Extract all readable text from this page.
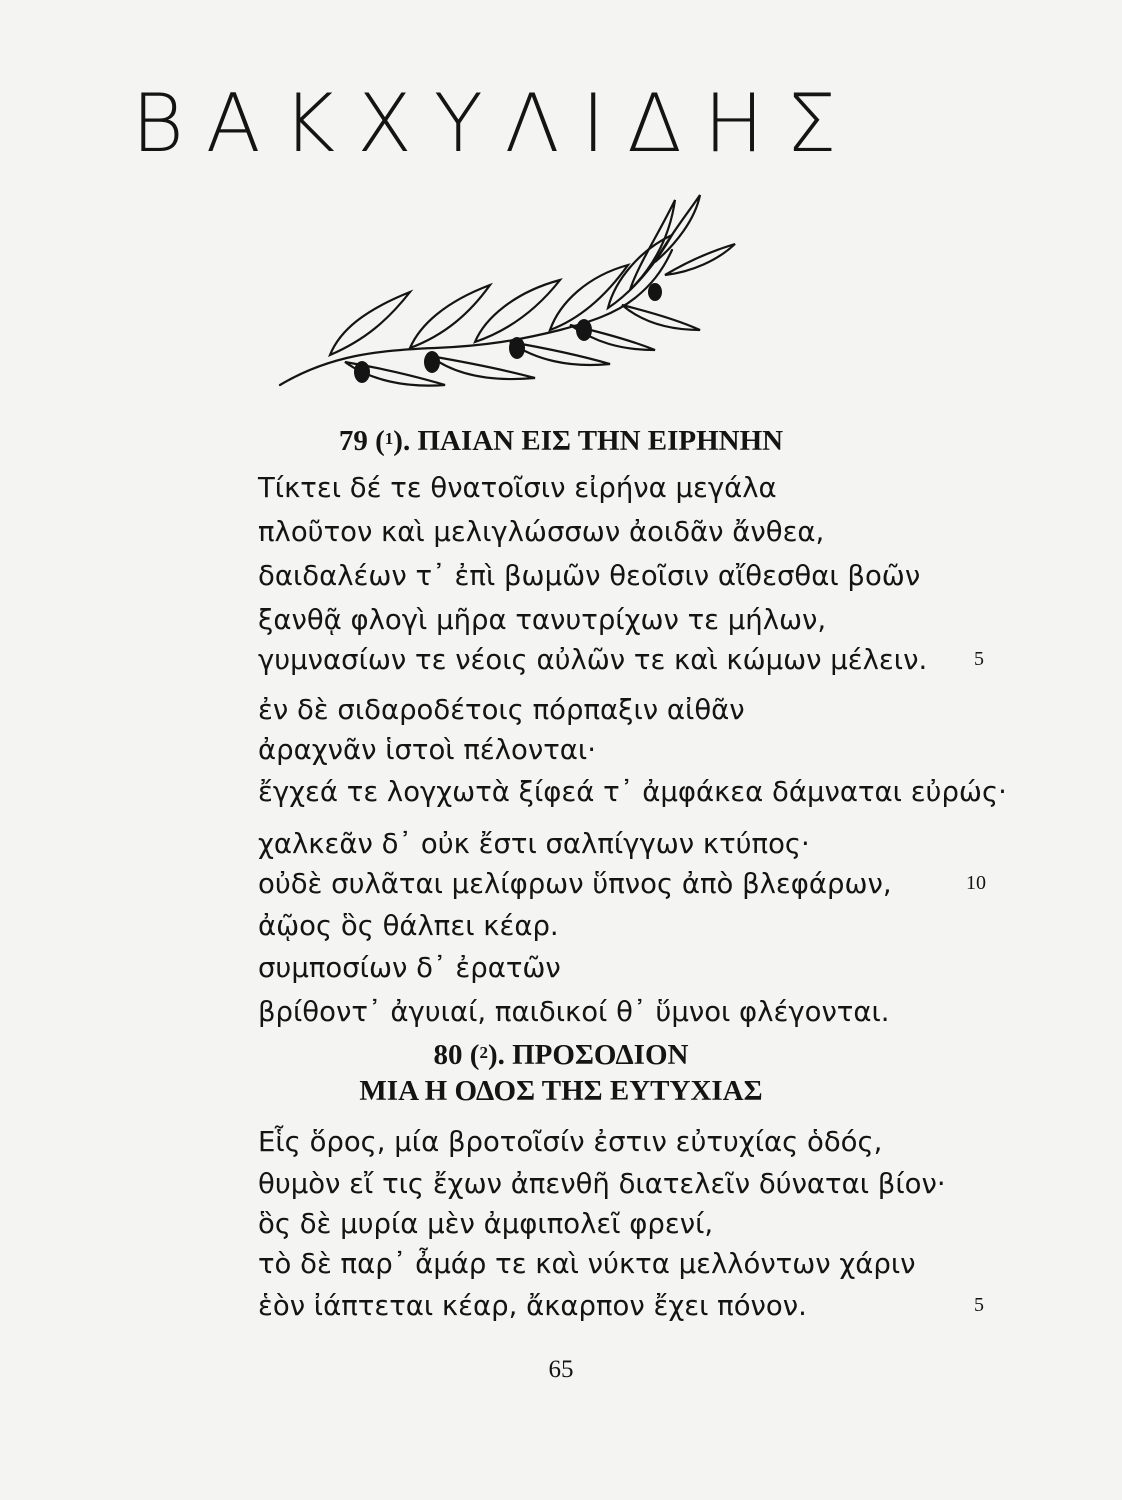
ΒΑΚΧΥΛΙΔΗΣ
79 ($^1$). ΠΑΙΑΝ ΕΙΣ ΤΗΝ ΕΙΡΗΝΗΝ

Τίκτει δέ τε θνατοῖσιν εἰρήνα μεγάλα

πλοῦτον καὶ μελιγλώσσων ἀοιδᾶν ἄνθεα,

δαιδαλέων τ᾽ ἐπὶ βωμῶν θεοῖσιν αἴθεσθαι βοῶν

ξανθᾷ φλογὶ μῆρα τανυτρίχων τε μήλων,

γυμνασίων τε νέοις αὐλῶν τε καὶ κώμων μέλειν. 5

ἐν δὲ σιδαροδέτοις πόρπαξιν αἰθᾶν

ἀραχνᾶν ἱστοὶ πέλονται·

ἔγχεά τε λογχωτὰ ξίφεά τ᾽ ἀμφάκεα δάμναται εὐρώς·

χαλκεᾶν δ᾽ οὐκ ἔστι σαλπίγγων κτύπος·

οὐδὲ συλᾶται μελίφρων ὕπνος ἀπὸ βλεφάρων,	10

ἀῷος ὃς θάλπει κέαρ.

συμποσίων δ᾽ ἐρατῶν

βρίθοντ᾽ ἀγυιαί, παιδικοί θ᾽ ὕμνοι φλέγονται.

80 ($^2$). ΠΡΟΣΟΔΙΟΝ
ΜΙΑ Η ΟΔΟΣ ΤΗΣ ΕΥΤΥΧΙΑΣ

Εἷς ὅρος, μία βροτοῖσίν ἐστιν εὐτυχίας ὁδός,

θυμὸν εἴ τις ἔχων ἀπενθῆ διατελεῖν δύναται βίον·

ὃς δὲ μυρία μὲν ἀμφιπολεῖ φρενί,

τὸ δὲ παρ᾽ ἆμάρ τε καὶ νύκτα μελλόντων χάριν

ἑὸν ἰάπτεται κέαρ, ἄκαρπον ἔχει πόνον.	5
65
